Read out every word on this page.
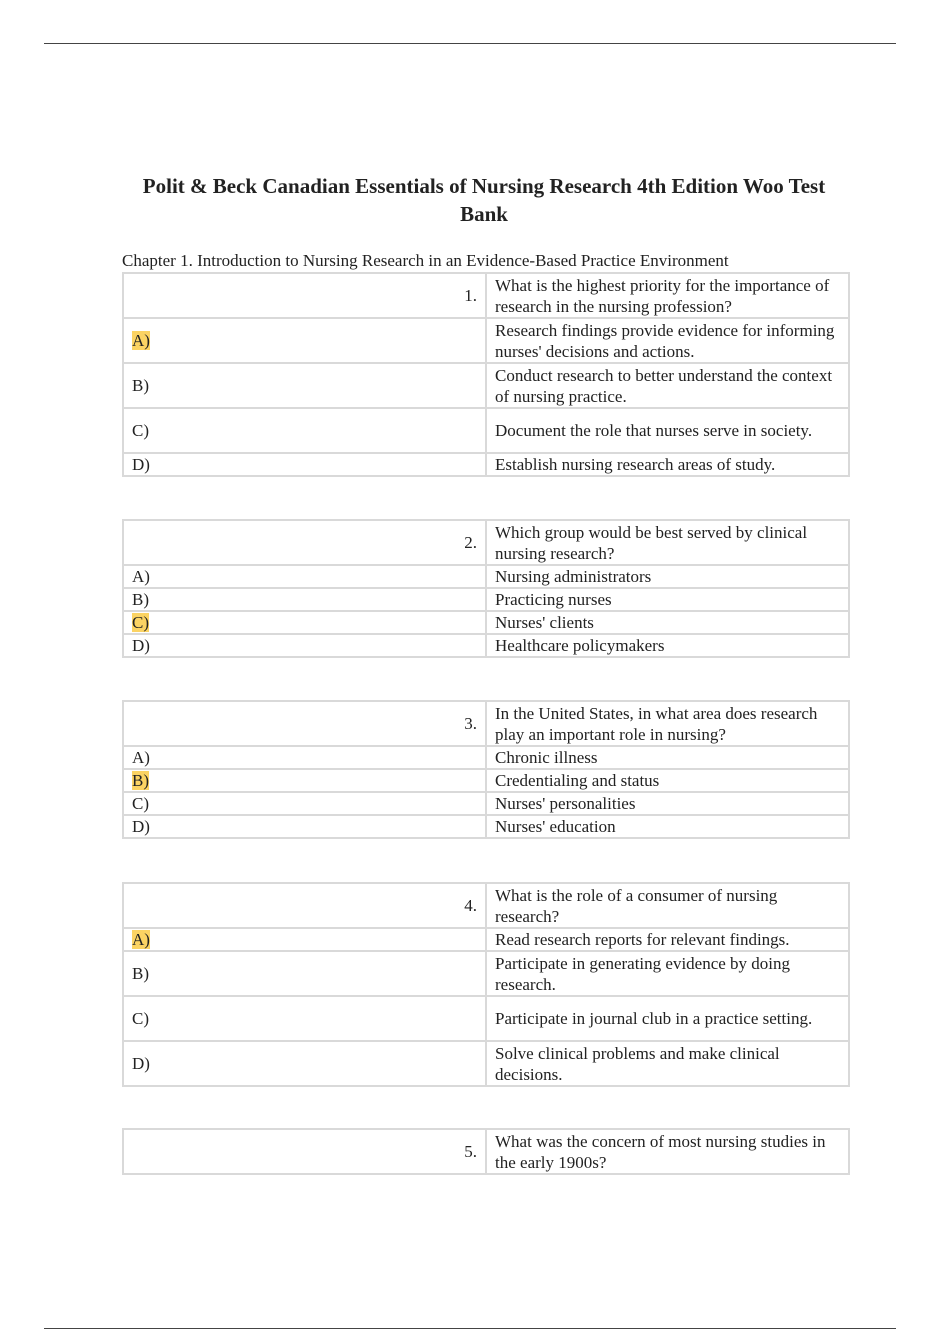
Polit & Beck Canadian Essentials of Nursing Research 4th Edition Woo Test Bank
Chapter 1. Introduction to Nursing Research in an Evidence-Based Practice Environment
1.	What is the highest priority for the importance of research in the nursing profession?
A)	Research findings provide evidence for informing nurses' decisions and actions.
B)	Conduct research to better understand the context of nursing practice.
C)	Document the role that nurses serve in society.
D)	Establish nursing research areas of study.
2.	Which group would be best served by clinical nursing research?
A)	Nursing administrators
B)	Practicing nurses
C)	Nurses' clients
D)	Healthcare policymakers
3.	In the United States, in what area does research play an important role in nursing?
A)	Chronic illness
B)	Credentialing and status
C)	Nurses' personalities
D)	Nurses' education
4.	What is the role of a consumer of nursing research?
A)	Read research reports for relevant findings.
B)	Participate in generating evidence by doing research.
C)	Participate in journal club in a practice setting.
D)	Solve clinical problems and make clinical decisions.
5.	What was the concern of most nursing studies in the early 1900s?
